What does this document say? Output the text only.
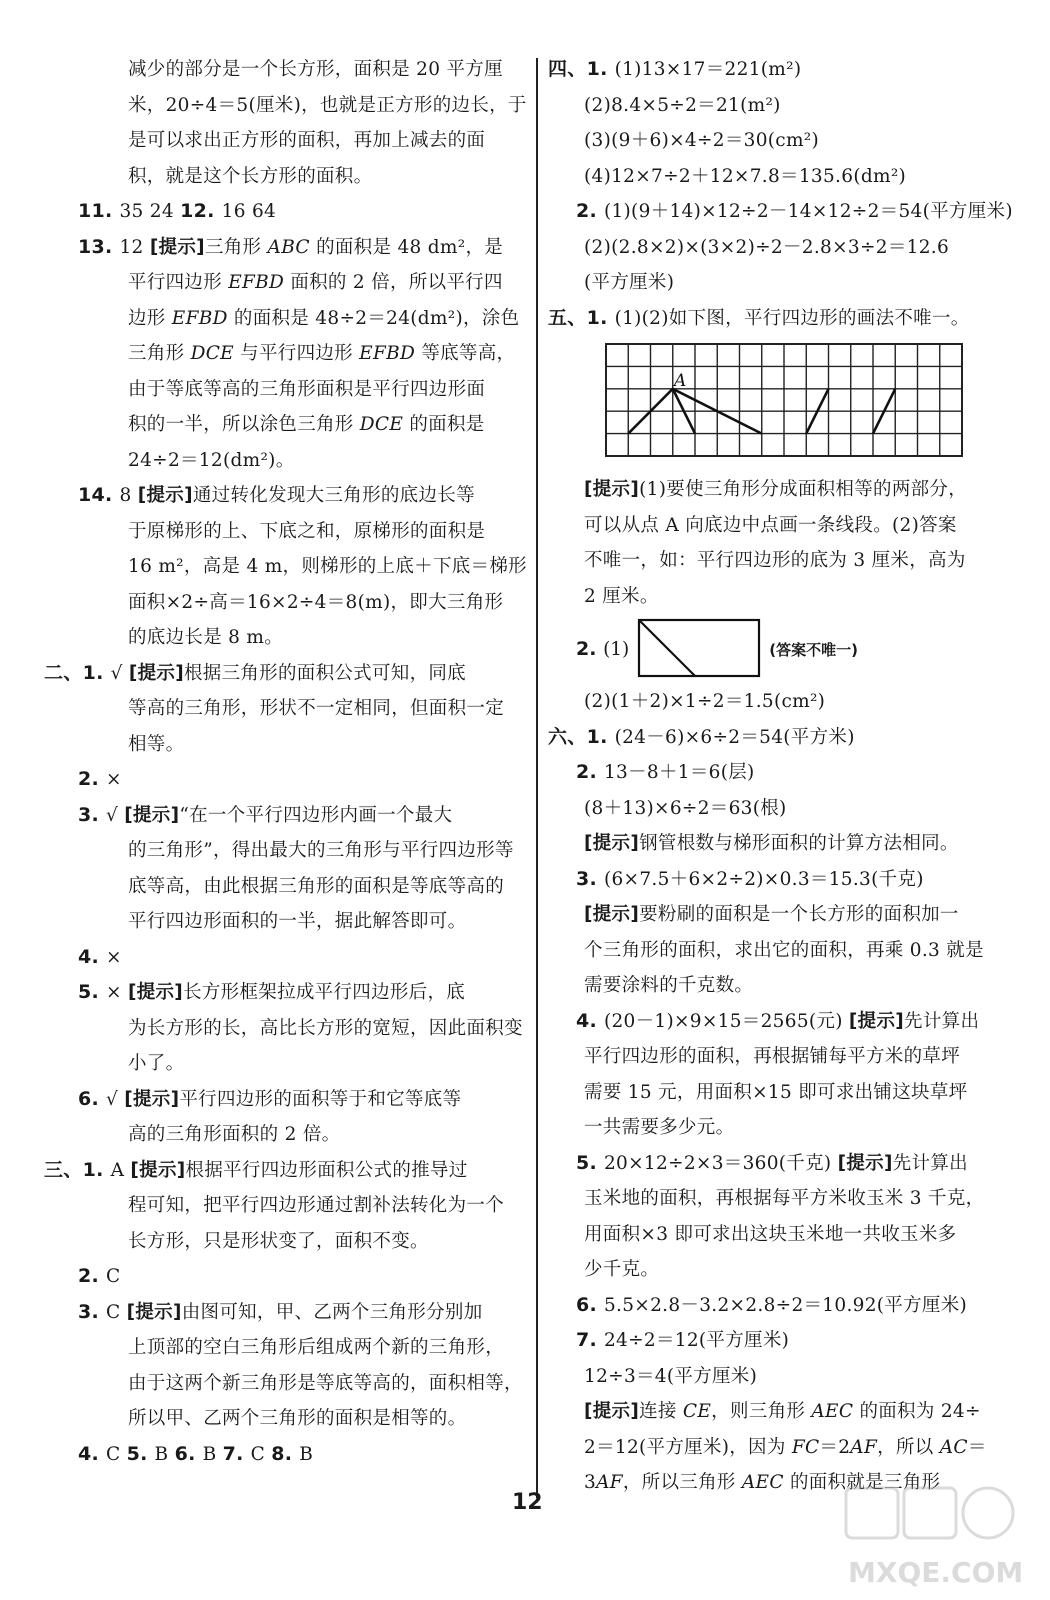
减少的部分是一个长方形，面积是 20 平方厘
米，20÷4＝5(厘米)，也就是正方形的边长，于
是可以求出正方形的面积，再加上减去的面
积，就是这个长方形的面积。
11. 35 24 12. 16 64
13. 12 [提示]三角形 ABC 的面积是 48 dm²，是
平行四边形 EFBD 面积的 2 倍，所以平行四
边形 EFBD 的面积是 48÷2＝24(dm²)，涂色
三角形 DCE 与平行四边形 EFBD 等底等高，
由于等底等高的三角形面积是平行四边形面
积的一半，所以涂色三角形 DCE 的面积是
24÷2＝12(dm²)。
14. 8 [提示]通过转化发现大三角形的底边长等
于原梯形的上、下底之和，原梯形的面积是
16 m²，高是 4 m，则梯形的上底＋下底＝梯形
面积×2÷高＝16×2÷4＝8(m)，即大三角形
的底边长是 8 m。
二、1. √ [提示]根据三角形的面积公式可知，同底
等高的三角形，形状不一定相同，但面积一定
相等。
2. ×
3. √ [提示]“在一个平行四边形内画一个最大
的三角形”，得出最大的三角形与平行四边形等
底等高，由此根据三角形的面积是等底等高的
平行四边形面积的一半，据此解答即可。
4. ×
5. × [提示]长方形框架拉成平行四边形后，底
为长方形的长，高比长方形的宽短，因此面积变
小了。
6. √ [提示]平行四边形的面积等于和它等底等
高的三角形面积的 2 倍。
三、1. A [提示]根据平行四边形面积公式的推导过
程可知，把平行四边形通过割补法转化为一个
长方形，只是形状变了，面积不变。
2. C
3. C [提示]由图可知，甲、乙两个三角形分别加
上顶部的空白三角形后组成两个新的三角形，
由于这两个新三角形是等底等高的，面积相等，
所以甲、乙两个三角形的面积是相等的。
4. C 5. B 6. B 7. C 8. B
四、1. (1)13×17＝221(m²)
(2)8.4×5÷2＝21(m²)
(3)(9＋6)×4÷2＝30(cm²)
(4)12×7÷2＋12×7.8＝135.6(dm²)
2. (1)(9＋14)×12÷2－14×12÷2＝54(平方厘米)
(2)(2.8×2)×(3×2)÷2－2.8×3÷2＝12.6
(平方厘米)
五、1. (1)(2)如下图，平行四边形的画法不唯一。
A
[提示](1)要使三角形分成面积相等的两部分，
可以从点 A 向底边中点画一条线段。(2)答案
不唯一，如：平行四边形的底为 3 厘米，高为
2 厘米。
2. (1)	(答案不唯一)
(2)(1＋2)×1÷2＝1.5(cm²)
六、1. (24－6)×6÷2＝54(平方米)
2. 13－8＋1＝6(层)
(8＋13)×6÷2＝63(根)
[提示]钢管根数与梯形面积的计算方法相同。
3. (6×7.5＋6×2÷2)×0.3＝15.3(千克)
[提示]要粉刷的面积是一个长方形的面积加一
个三角形的面积，求出它的面积，再乘 0.3 就是
需要涂料的千克数。
4. (20－1)×9×15＝2565(元) [提示]先计算出
平行四边形的面积，再根据铺每平方米的草坪
需要 15 元，用面积×15 即可求出铺这块草坪
一共需要多少元。
5. 20×12÷2×3＝360(千克) [提示]先计算出
玉米地的面积，再根据每平方米收玉米 3 千克，
用面积×3 即可求出这块玉米地一共收玉米多
少千克。
6. 5.5×2.8－3.2×2.8÷2＝10.92(平方厘米)
7. 24÷2＝12(平方厘米)
12÷3＝4(平方厘米)
[提示]连接 CE，则三角形 AEC 的面积为 24÷
2＝12(平方厘米)，因为 FC＝2AF，所以 AC＝
3AF，所以三角形 AEC 的面积就是三角形
12
MXQE.COM
